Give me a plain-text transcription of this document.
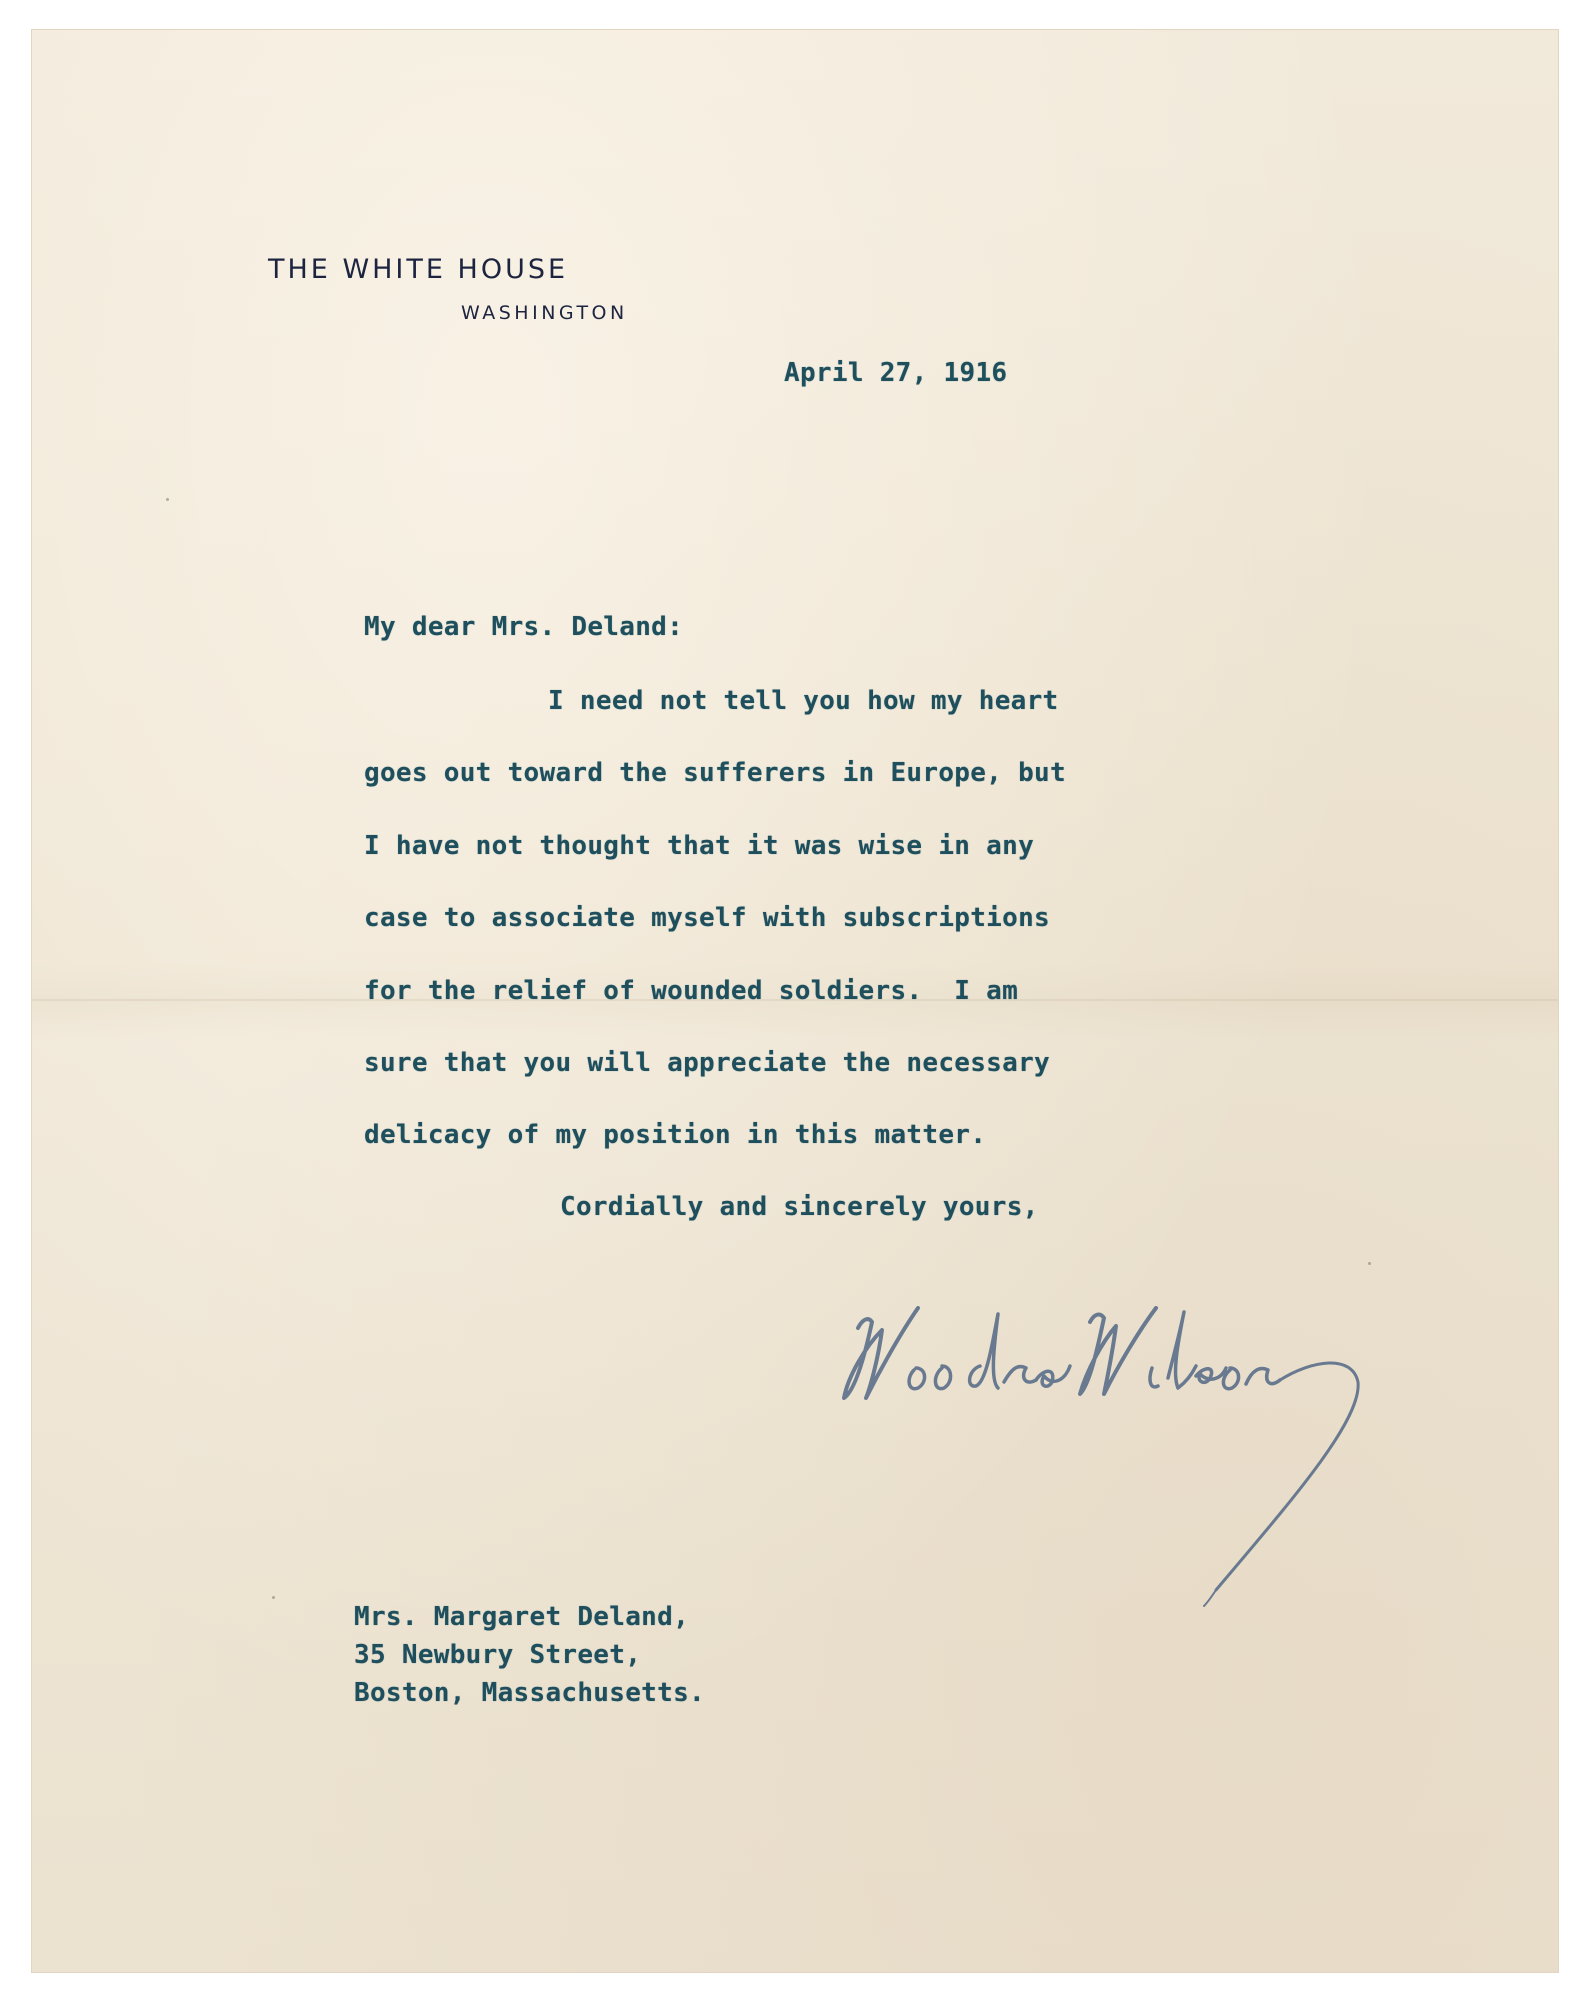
THE WHITE HOUSE
WASHINGTON
April 27, 1916
My dear Mrs. Deland:
I need not tell you how my heart
goes out toward the sufferers in Europe, but
I have not thought that it was wise in any
case to associate myself with subscriptions
for the relief of wounded soldiers.  I am
sure that you will appreciate the necessary
delicacy of my position in this matter.
Cordially and sincerely yours,
Mrs. Margaret Deland,
35 Newbury Street,
Boston, Massachusetts.
